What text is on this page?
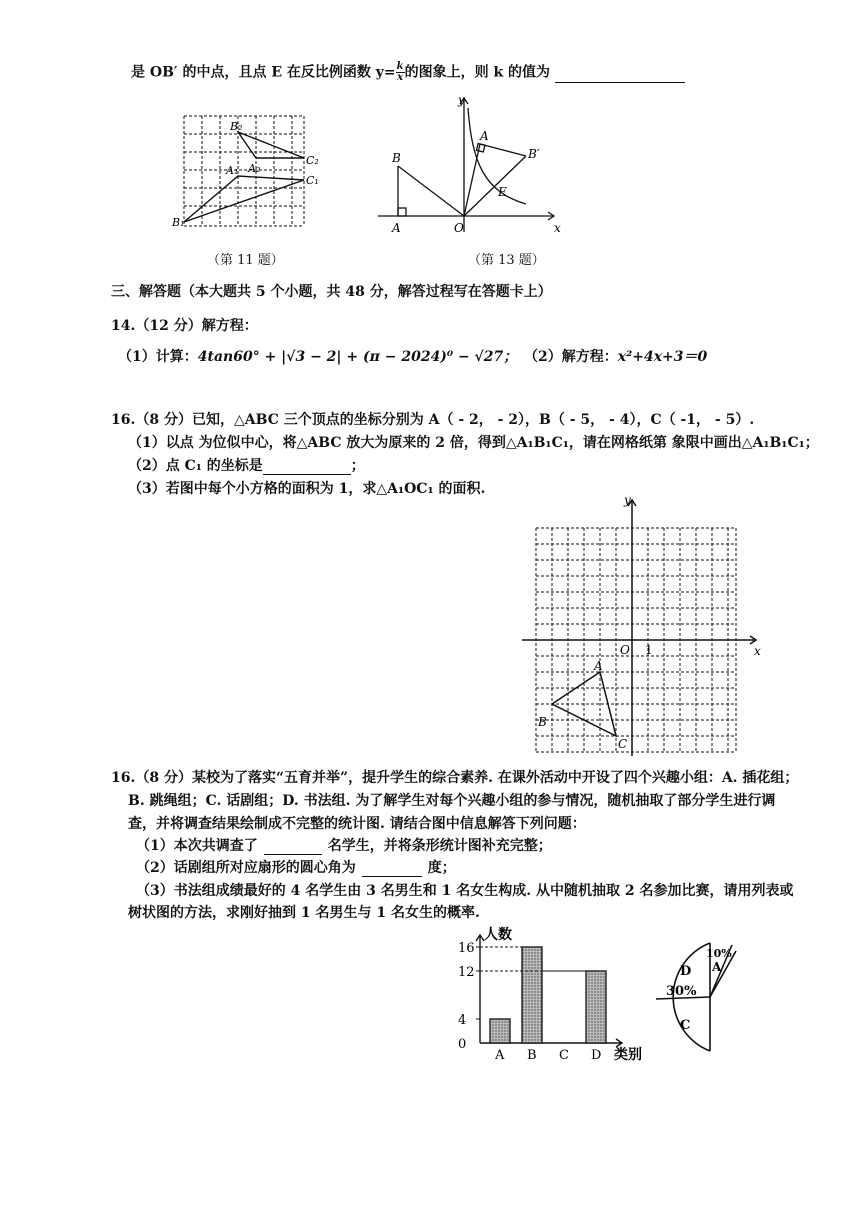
是 OB′ 的中点，且点 E 在反比例函数 $y= \frac{k}{x}$ 的图象上，则 k 的值为
B₂
A₂
C₂
A₁
C₁
B₁
（第 11 题）
y
A
B′
B
E
A	O	x
（第 13 题）
三、解答题（本大题共 5 个小题，共 48 分，解答过程写在答题卡上）
14.（12 分）解方程：
（1）计算：4tan60° + |√3 − 2| + (π − 2024)⁰ − √27； （2）解方程：x²+4x+3＝0
16.（8 分）已知，△ABC 三个顶点的坐标分别为 A（ - 2， - 2），B（ - 5， - 4），C（ -1， - 5）.
（1）以点 为位似中心，将△ABC 放大为原来的 2 倍，得到△A₁B₁C₁，请在网格纸第 象限中画出△A₁B₁C₁；
（2）点 C₁ 的坐标是	；
（3）若图中每个小方格的面积为 1，求△A₁OC₁ 的面积.
y
x
O 1
A
B
C
16.（8 分）某校为了落实“五育并举”，提升学生的综合素养. 在课外活动中开设了四个兴趣小组：A. 插花组；
B. 跳绳组；C. 话剧组；D. 书法组. 为了解学生对每个兴趣小组的参与情况，随机抽取了部分学生进行调
查，并将调查结果绘制成不完整的统计图. 请结合图中信息解答下列问题：
（1）本次共调查了	名学生，并将条形统计图补充完整；
（2）话剧组所对应扇形的圆心角为	度；
（3）书法组成绩最好的 4 名学生由 3 名男生和 1 名女生构成. 从中随机抽取 2 名参加比赛，请用列表或
树状图的方法，求刚好抽到 1 名男生与 1 名女生的概率.
0
4
12
16
A B C D
人数
类别
10%
A
D
30%
C
